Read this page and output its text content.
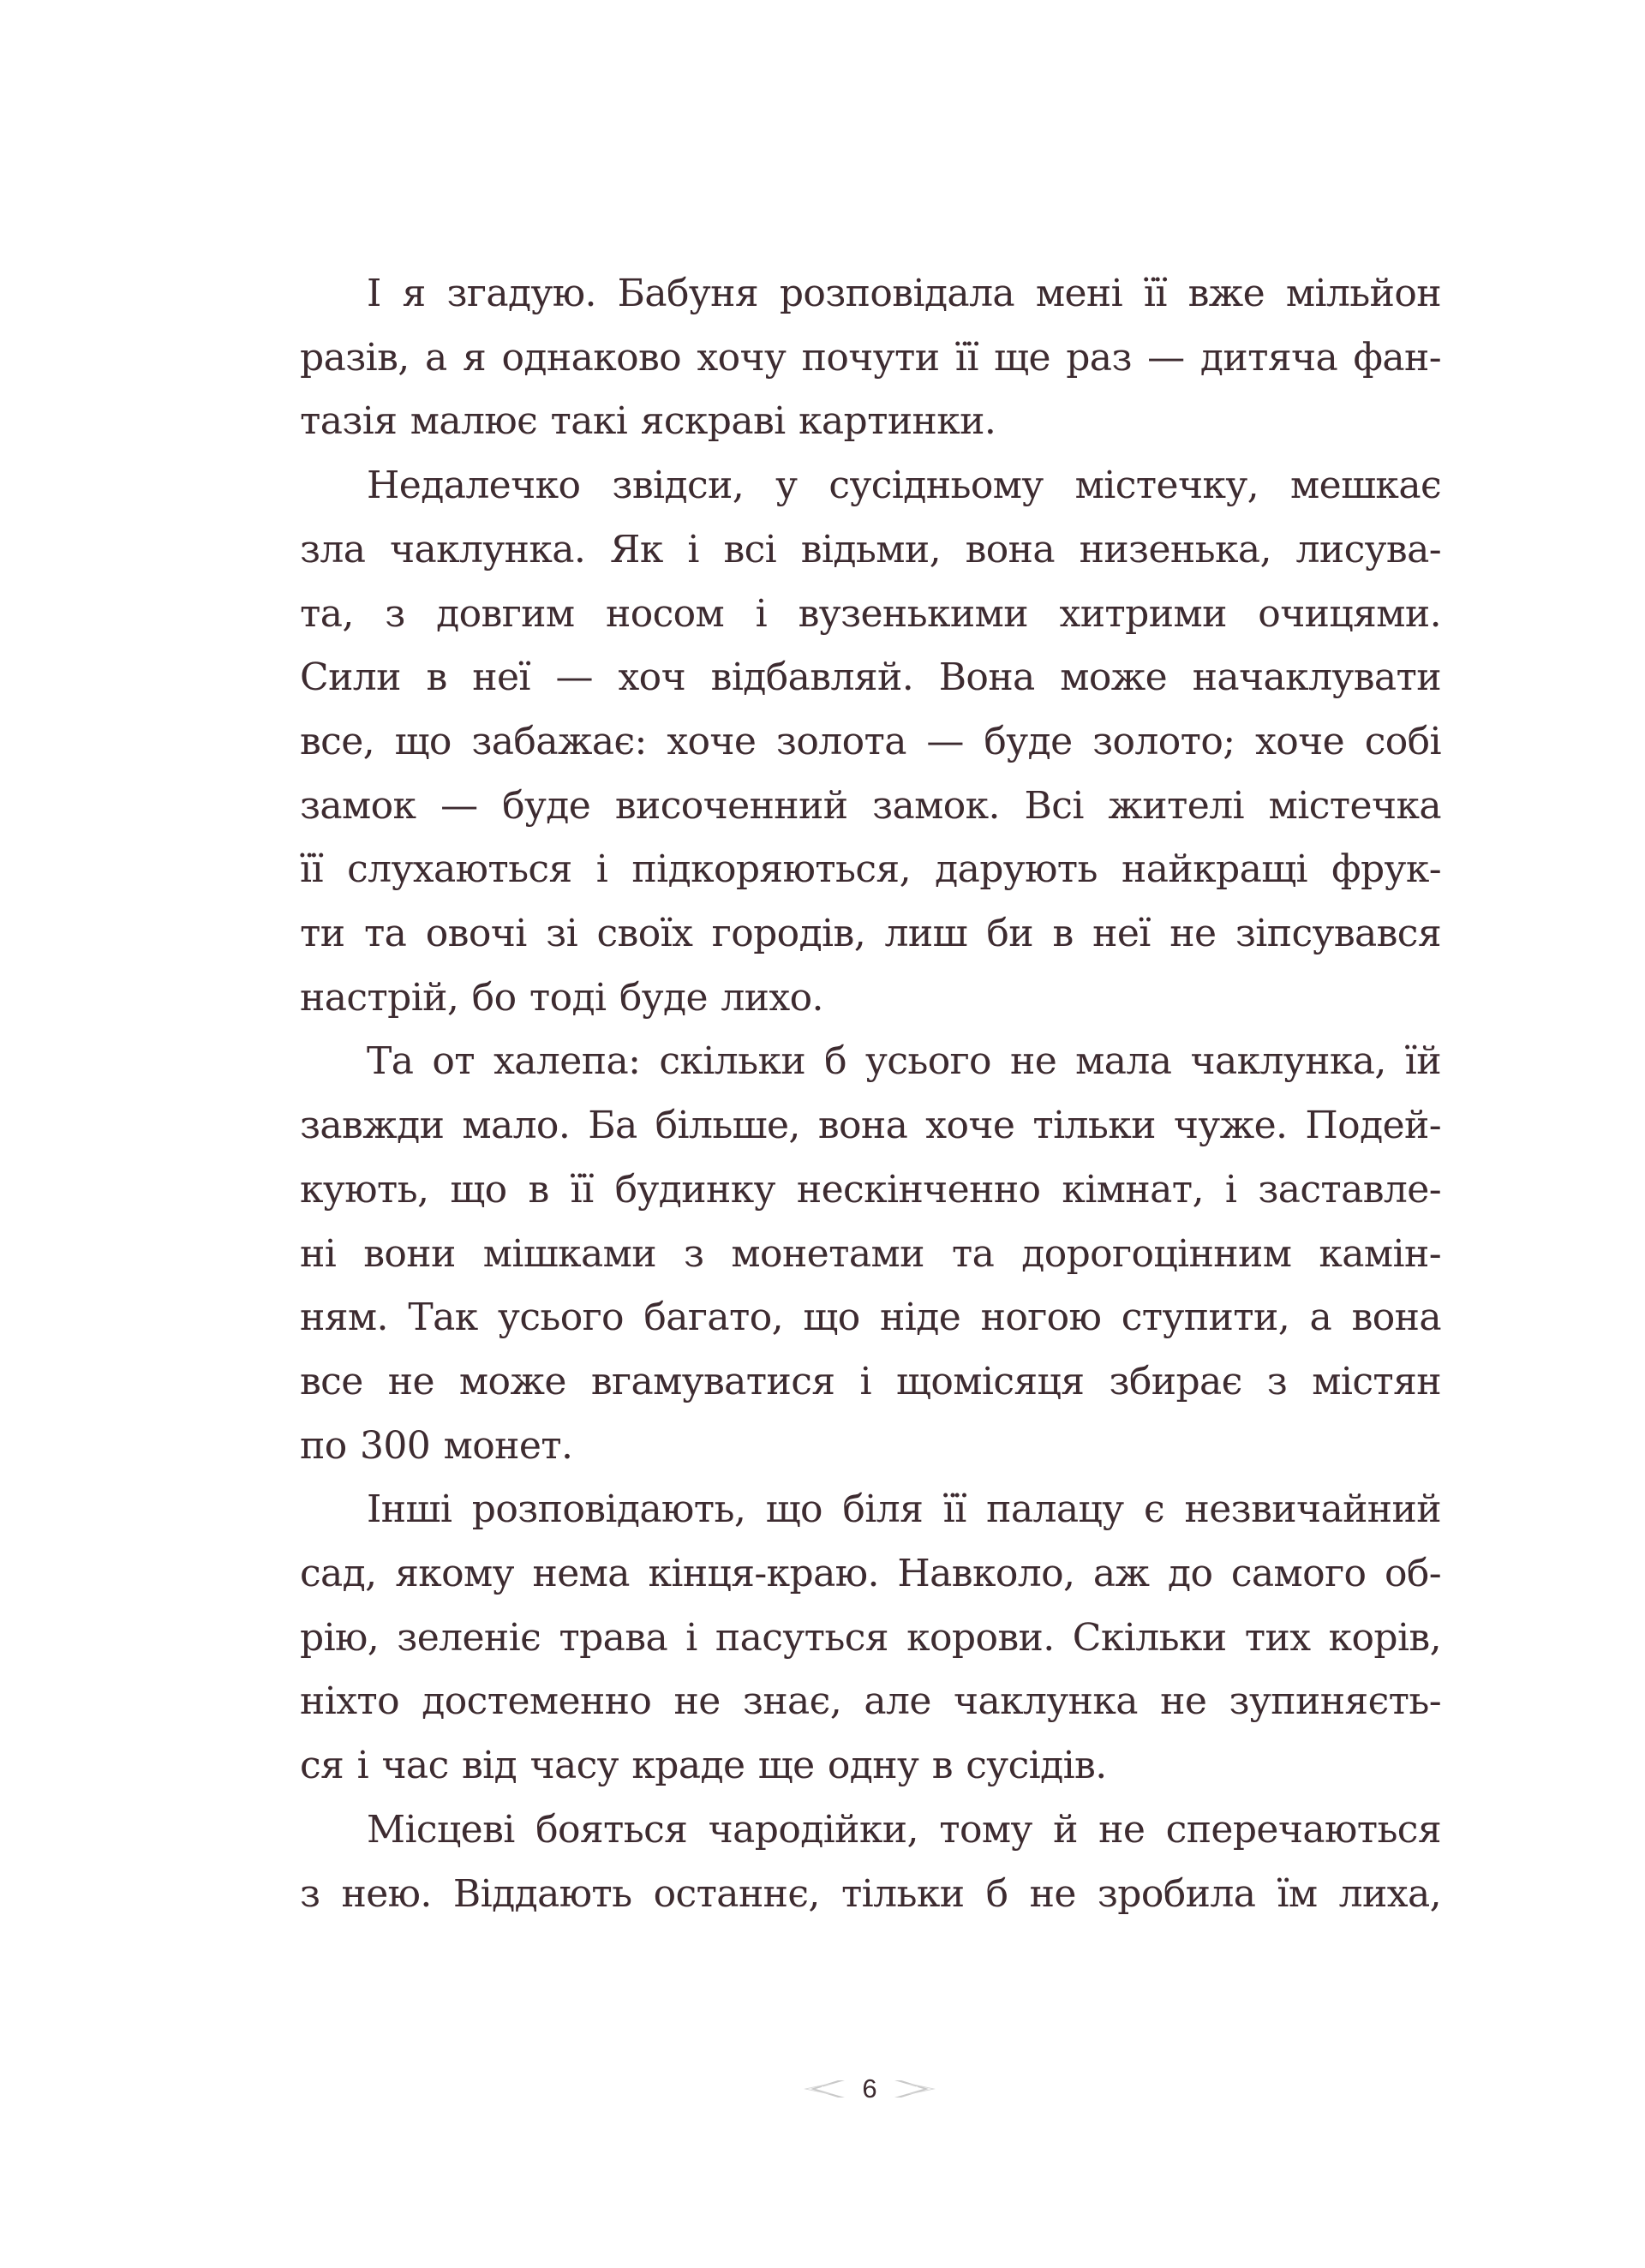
І я згадую. Бабуня розповідала мені її вже мільйон
разів, а я однаково хочу почути її ще раз — дитяча фан-
тазія малює такі яскраві картинки.
Недалечко звідси, у сусідньому містечку, мешкає
зла чаклунка. Як і всі відьми, вона низенька, лисува-
та, з довгим носом і вузенькими хитрими очицями.
Сили в неї — хоч відбавляй. Вона може начаклувати
все, що забажає: хоче золота — буде золото; хоче собі
замок — буде височенний замок. Всі жителі містечка
її слухаються і підкоряються, дарують найкращі фрук-
ти та овочі зі своїх городів, лиш би в неї не зіпсувався
настрій, бо тоді буде лихо.
Та от халепа: скільки б усього не мала чаклунка, їй
завжди мало. Ба більше, вона хоче тільки чуже. Подей-
кують, що в її будинку нескінченно кімнат, і заставле-
ні вони мішками з монетами та дорогоцінним камін-
ням. Так усього багато, що ніде ногою ступити, а вона
все не може вгамуватися і щомісяця збирає з містян
по 300 монет.
Інші розповідають, що біля її палацу є незвичайний
сад, якому нема кінця-краю. Навколо, аж до самого об-
рію, зеленіє трава і пасуться корови. Скільки тих корів,
ніхто достеменно не знає, але чаклунка не зупиняєть-
ся і час від часу краде ще одну в сусідів.
Місцеві бояться чародійки, тому й не сперечаються
з нею. Віддають останнє, тільки б не зробила їм лиха,
6
